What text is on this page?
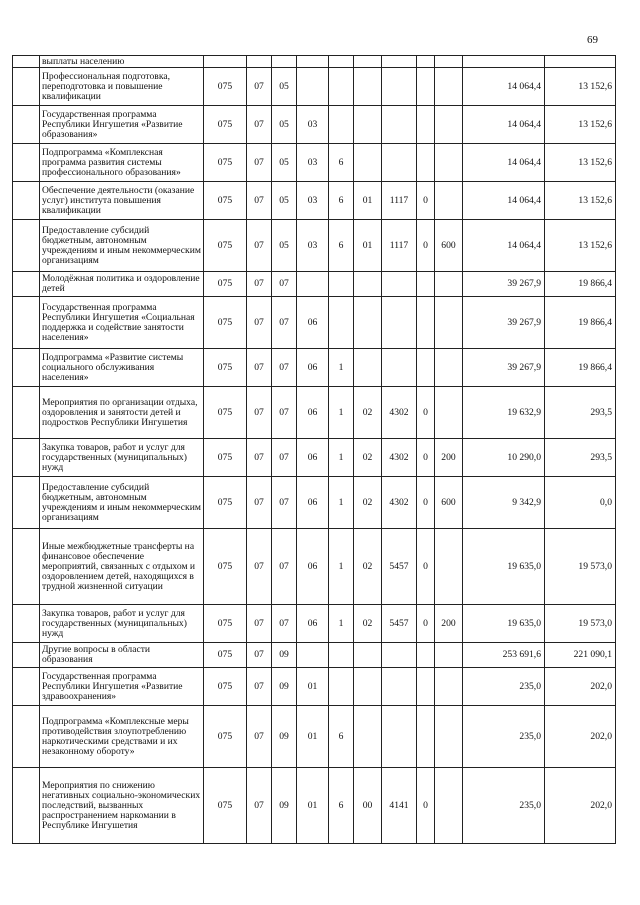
69
	выплаты населению											
	Профессиональная подготовка, переподготовка и повышение квалификации	075	07	05							14 064,4	13 152,6
	Государственная программа Республики Ингушетия «Развитие образования»	075	07	05	03						14 064,4	13 152,6
	Подпрограмма «Комплексная программа развития системы профессионального образования»	075	07	05	03	6					14 064,4	13 152,6
	Обеспечение деятельности (оказание услуг) институтa повышения квалификации	075	07	05	03	6	01	1117	0		14 064,4	13 152,6
	Предоставление субсидий бюджетным, автономным учреждениям и иным некоммерческим организациям	075	07	05	03	6	01	1117	0	600	14 064,4	13 152,6
	Молодёжная политика и оздоровление детей	075	07	07							39 267,9	19 866,4
	Государственная программа Республики Ингушетия «Социальная поддержка и содействие занятости населения»	075	07	07	06						39 267,9	19 866,4
	Подпрограмма «Развитие системы социального обслуживания населения»	075	07	07	06	1					39 267,9	19 866,4
	Мероприятия по организации отдыха, оздоровления и занятости детей и подростков Республики Ингушетия	075	07	07	06	1	02	4302	0		19 632,9	293,5
	Закупка товаров, работ и услуг для государственных (муниципальных) нужд	075	07	07	06	1	02	4302	0	200	10 290,0	293,5
	Предоставление субсидий бюджетным, автономным учреждениям и иным некоммерческим организациям	075	07	07	06	1	02	4302	0	600	9 342,9	0,0
	Иные межбюджетные трансферты на финансовое обеспечение мероприятий, связанных с отдыхом и оздоровлением детей, находящихся в трудной жизненной ситуации	075	07	07	06	1	02	5457	0		19 635,0	19 573,0
	Закупка товаров, работ и услуг для государственных (муниципальных) нужд	075	07	07	06	1	02	5457	0	200	19 635,0	19 573,0
	Другие вопросы в области образования	075	07	09							253 691,6	221 090,1
	Государственная программа Республики Ингушетия «Развитие здравоохранения»	075	07	09	01						235,0	202,0
	Подпрограмма «Комплексные меры противодействия злоупотреблению наркотическими средствами и их незаконному обороту»	075	07	09	01	6					235,0	202,0
	Мероприятия по снижению негативных социально-экономических последствий, вызванных распространением наркомании в Республике Ингушетия	075	07	09	01	6	00	4141	0		235,0	202,0
